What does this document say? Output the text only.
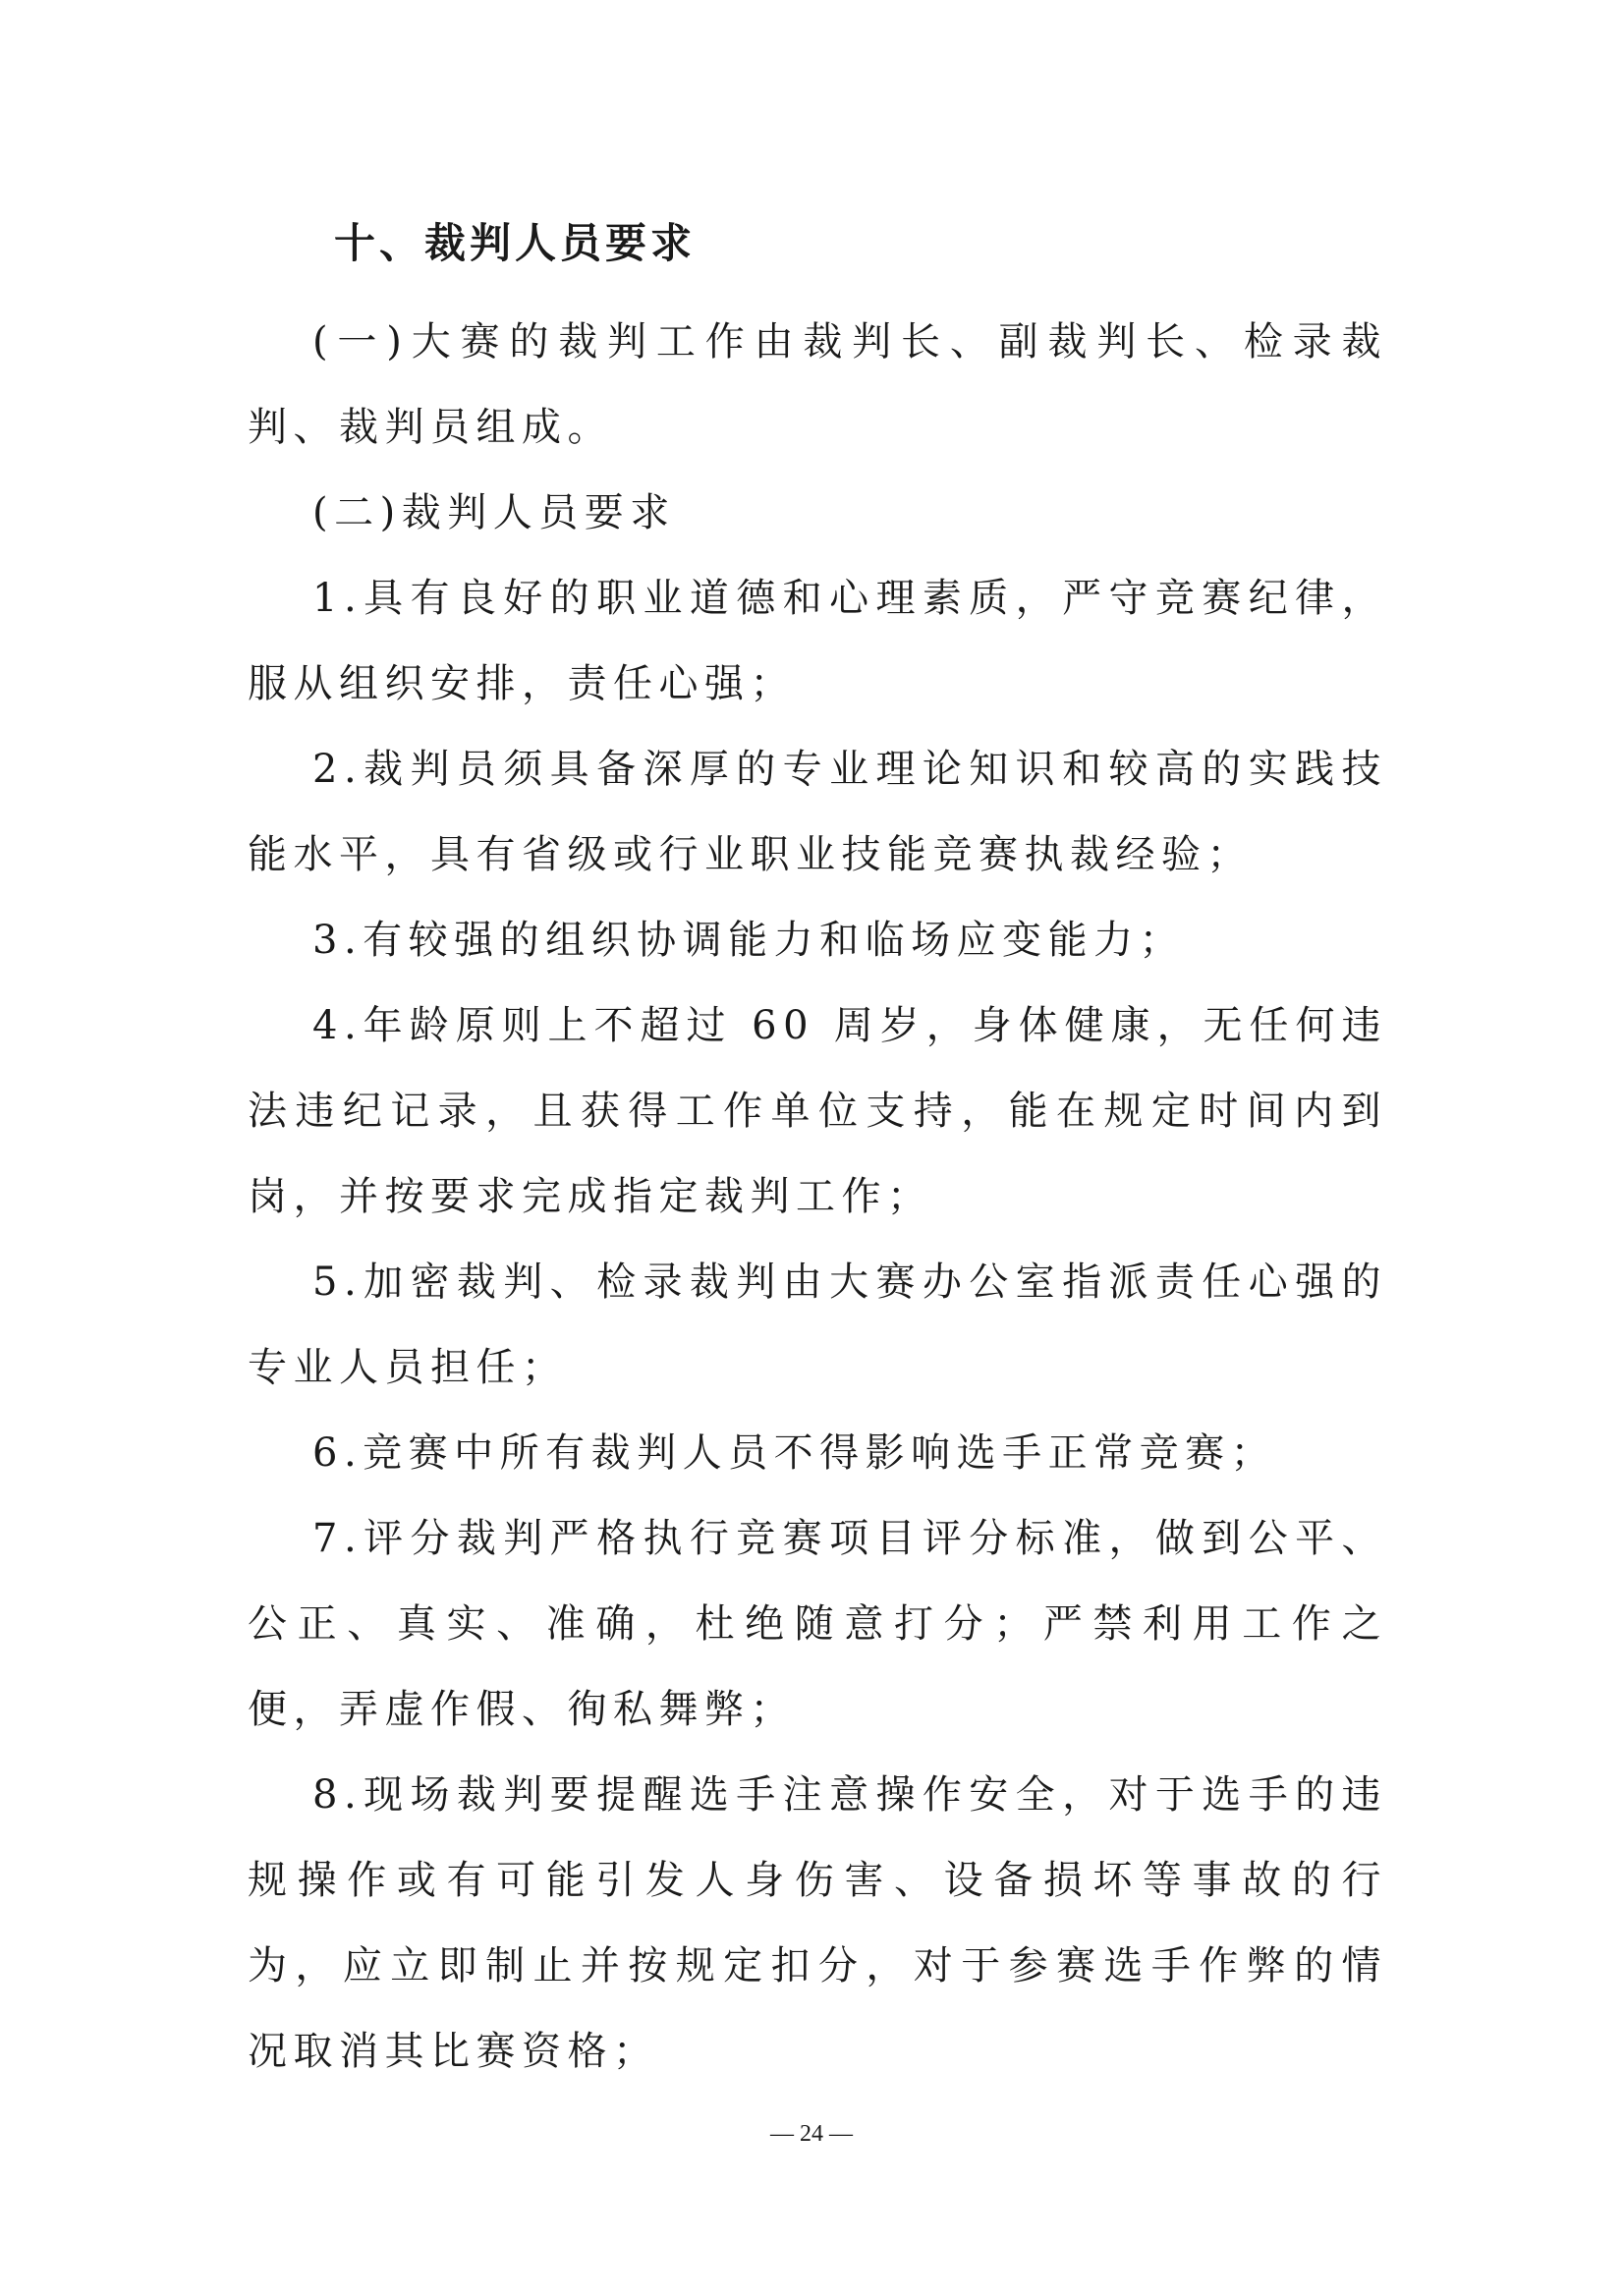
十、裁判人员要求

(一)大赛的裁判工作由裁判长、副裁判长、检录裁判、裁判员组成。

(二)裁判人员要求

1.具有良好的职业道德和心理素质，严守竞赛纪律，服从组织安排，责任心强；

2.裁判员须具备深厚的专业理论知识和较高的实践技能水平，具有省级或行业职业技能竞赛执裁经验；

3.有较强的组织协调能力和临场应变能力；

4.年龄原则上不超过 60 周岁，身体健康，无任何违法违纪记录，且获得工作单位支持，能在规定时间内到岗，并按要求完成指定裁判工作；

5.加密裁判、检录裁判由大赛办公室指派责任心强的专业人员担任；

6.竞赛中所有裁判人员不得影响选手正常竞赛；

7.评分裁判严格执行竞赛项目评分标准，做到公平、公正、真实、准确，杜绝随意打分；严禁利用工作之便，弄虚作假、徇私舞弊；

8.现场裁判要提醒选手注意操作安全，对于选手的违规操作或有可能引发人身伤害、设备损坏等事故的行为，应立即制止并按规定扣分，对于参赛选手作弊的情况取消其比赛资格；

— 24 —
